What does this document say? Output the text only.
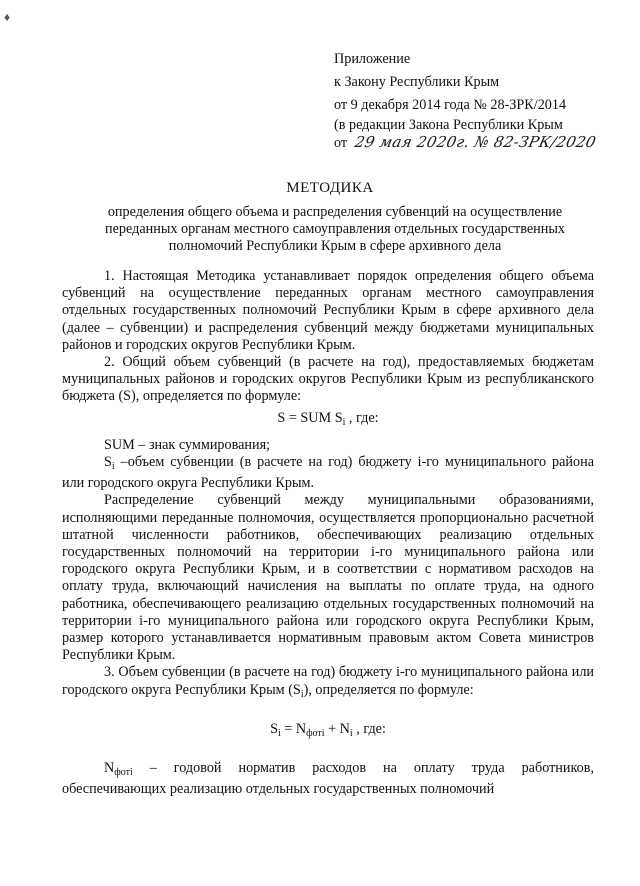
♦
Приложение
к Закону Республики Крым
от 9 декабря 2014 года № 28-ЗРК/2014
(в редакции Закона Республики Крым
от 29 мая 2020г. № 82-ЗРК/2020
МЕТОДИКА
определения общего объема и распределения субвенций на осуществление переданных органам местного самоуправления отдельных государственных полномочий Республики Крым в сфере архивного дела

1. Настоящая Методика устанавливает порядок определения общего объема субвенций на осуществление переданных органам местного самоуправления отдельных государственных полномочий Республики Крым в сфере архивного дела (далее – субвенции) и распределения субвенций между бюджетами муниципальных районов и городских округов Республики Крым.

2. Общий объем субвенций (в расчете на год), предоставляемых бюджетам муниципальных районов и городских округов Республики Крым из республиканского бюджета (S), определяется по формуле:

S = SUM $S_i$ , где:

SUM – знак суммирования;

$S_i$ –объем субвенции (в расчете на год) бюджету i-го муниципального района или городского округа Республики Крым.

Распределение субвенций между муниципальными образованиями, исполняющими переданные полномочия, осуществляется пропорционально расчетной штатной численности работников, обеспечивающих реализацию отдельных государственных полномочий на территории i-го муниципального района или городского округа Республики Крым, и в соответствии с нормативом расходов на оплату труда, включающий начисления на выплаты по оплате труда, на одного работника, обеспечивающего реализацию отдельных государственных полномочий на территории i-го муниципального района или городского округа Республики Крым, размер которого устанавливается нормативным правовым актом Совета министров Республики Крым.

3. Объем субвенции (в расчете на год) бюджету i-го муниципального района или городского округа Республики Крым $(S_i)$, определяется по формуле:

$S_i = N_{фотi} + N_i$ , где:

$N_{фотi}$ – годовой норматив расходов на оплату труда работников, обеспечивающих реализацию отдельных государственных полномочий
